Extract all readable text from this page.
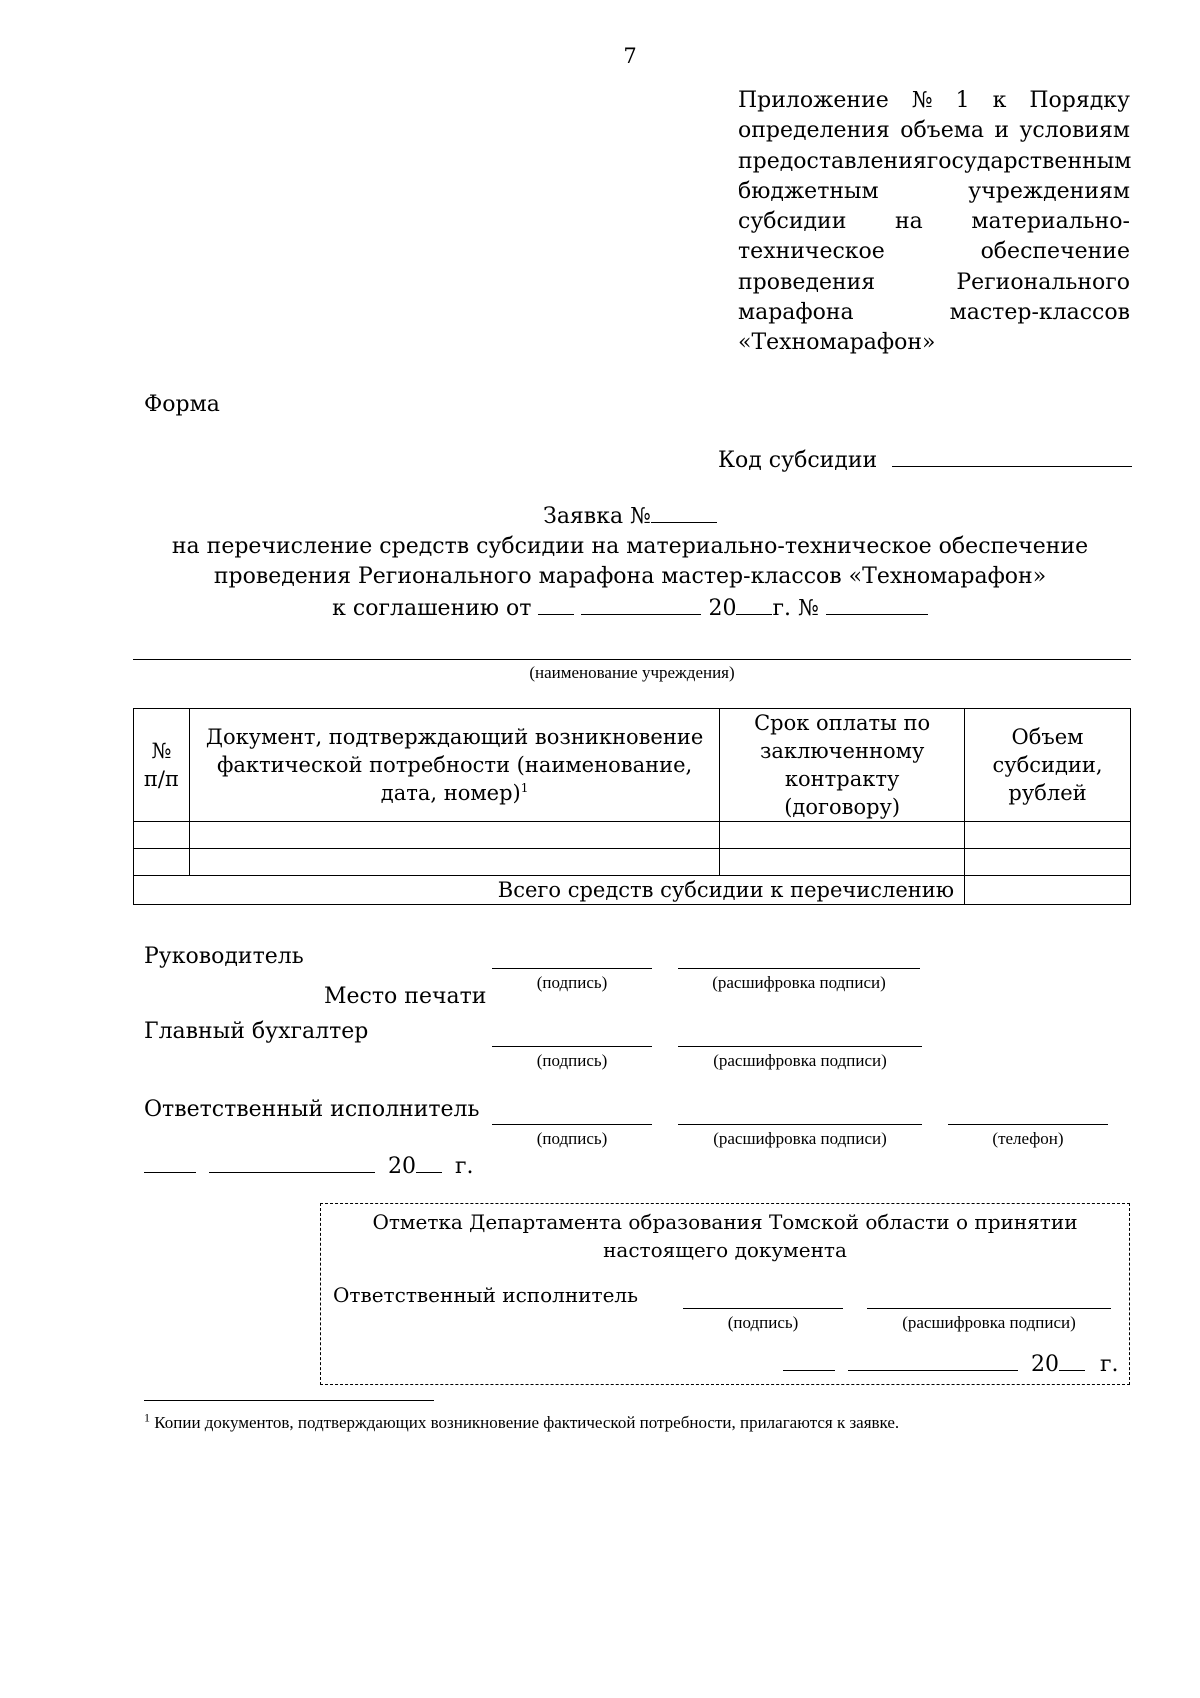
7
Приложение № 1 к Порядку
определения объема и условиям
предоставления государственным
бюджетным	учреждениям
субсидии на материально-
техническое	обеспечение
проведения	Регионального
марафона	мастер-классов
«Техномарафон»
Форма
Код субсидии
Заявка №
на перечисление средств субсидии на материально-техническое обеспечение
проведения Регионального марафона мастер-классов «Техномарафон»
к соглашению от	20 г. №
(наименование учреждения)
№ п/п	Документ, подтверждающий возникновение фактической потребности (наименование, дата, номер)$^1$	Срок оплаты по заключенному контракту (договору)	Объем субсидии, рублей

Всего средств субсидии к перечислению			
Руководитель
(подпись)	(расшифровка подписи)
Место печати
Главный бухгалтер
(подпись)	(расшифровка подписи)
Ответственный исполнитель
(подпись)	(расшифровка подписи)	(телефон)
20 г.
Отметка Департамента образования Томской области о принятии
настоящего документа
Ответственный исполнитель
(подпись)	(расшифровка подписи)
20 г.
$^1$ Копии документов, подтверждающих возникновение фактической потребности, прилагаются к заявке.
